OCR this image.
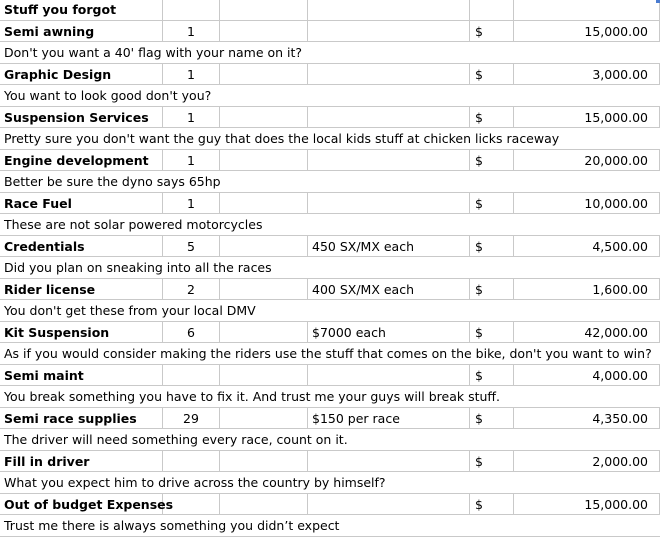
Stuff you forgot
Semi awning	1	$	15,000.00
Don't you want a 40' flag with your name on it?
Graphic Design	1	$	3,000.00
You want to look good don't you?
Suspension Services	1	$	15,000.00
Pretty sure you don't want the guy that does the local kids stuff at chicken licks raceway
Engine development	1	$	20,000.00
Better be sure the dyno says 65hp
Race Fuel	1	$	10,000.00
These are not solar powered motorcycles
Credentials	5	450 SX/MX each	$	4,500.00
Did you plan on sneaking into all the races
Rider license	2	400 SX/MX each	$	1,600.00
You don't get these from your local DMV
Kit Suspension	6	$7000 each	$	42,000.00
As if you would consider making the riders use the stuff that comes on the bike, don't you want to win?
Semi maint	$	4,000.00
You break something you have to fix it. And trust me your guys will break stuff.
Semi race supplies	29	$150 per race	$	4,350.00
The driver will need something every race, count on it.
Fill in driver	$	2,000.00
What you expect him to drive across the country by himself?
Out of budget Expenses	$	15,000.00
Trust me there is always something you didn’t expect
